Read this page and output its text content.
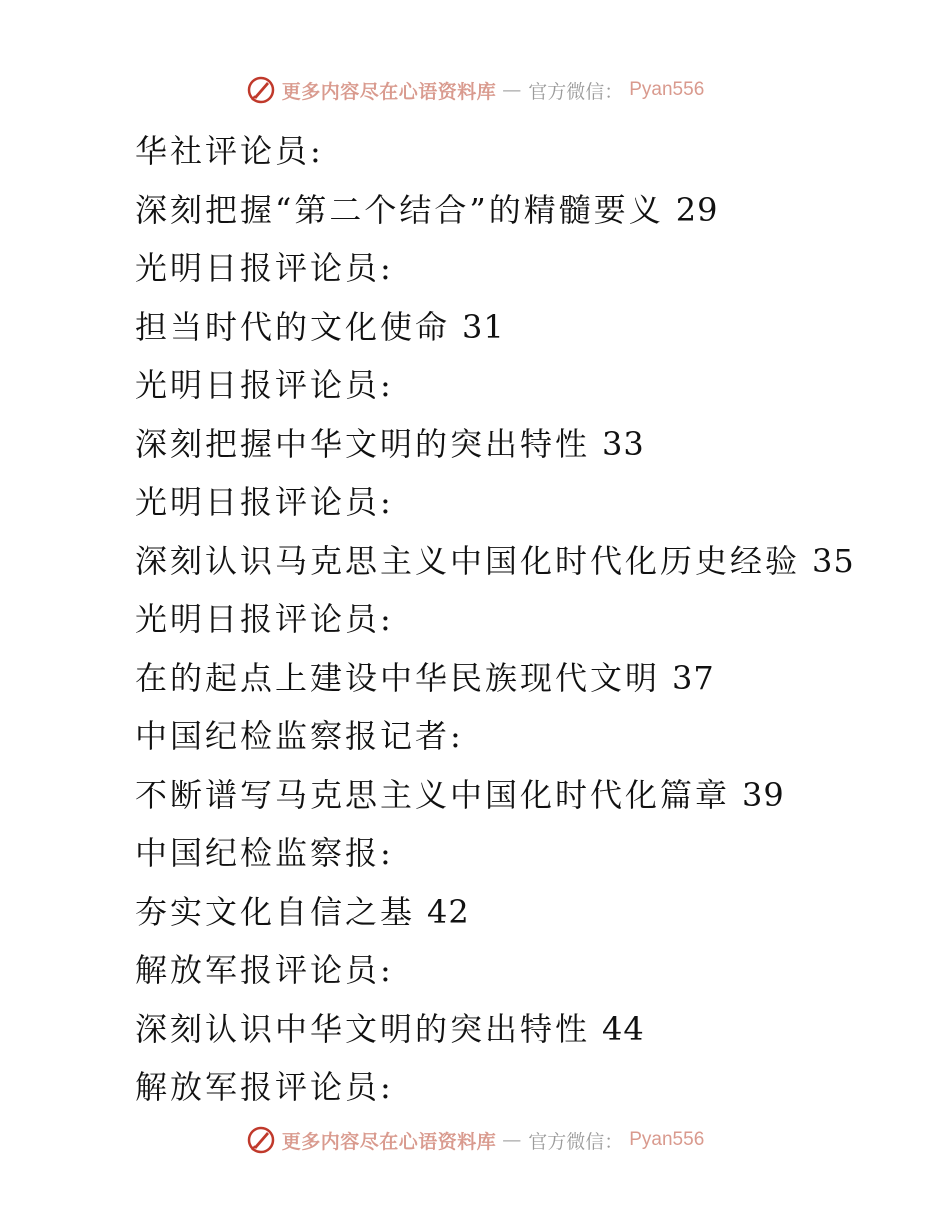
更多内容尽在心语资料库 — 官方微信： Pyan556
华社评论员:
深刻把握“第二个结合”的精髓要义 29
光明日报评论员:
担当时代的文化使命 31
光明日报评论员:
深刻把握中华文明的突出特性 33
光明日报评论员:
深刻认识马克思主义中国化时代化历史经验 35
光明日报评论员:
在的起点上建设中华民族现代文明 37
中国纪检监察报记者:
不断谱写马克思主义中国化时代化篇章 39
中国纪检监察报:
夯实文化自信之基 42
解放军报评论员:
深刻认识中华文明的突出特性 44
解放军报评论员:
更多内容尽在心语资料库 — 官方微信： Pyan556
